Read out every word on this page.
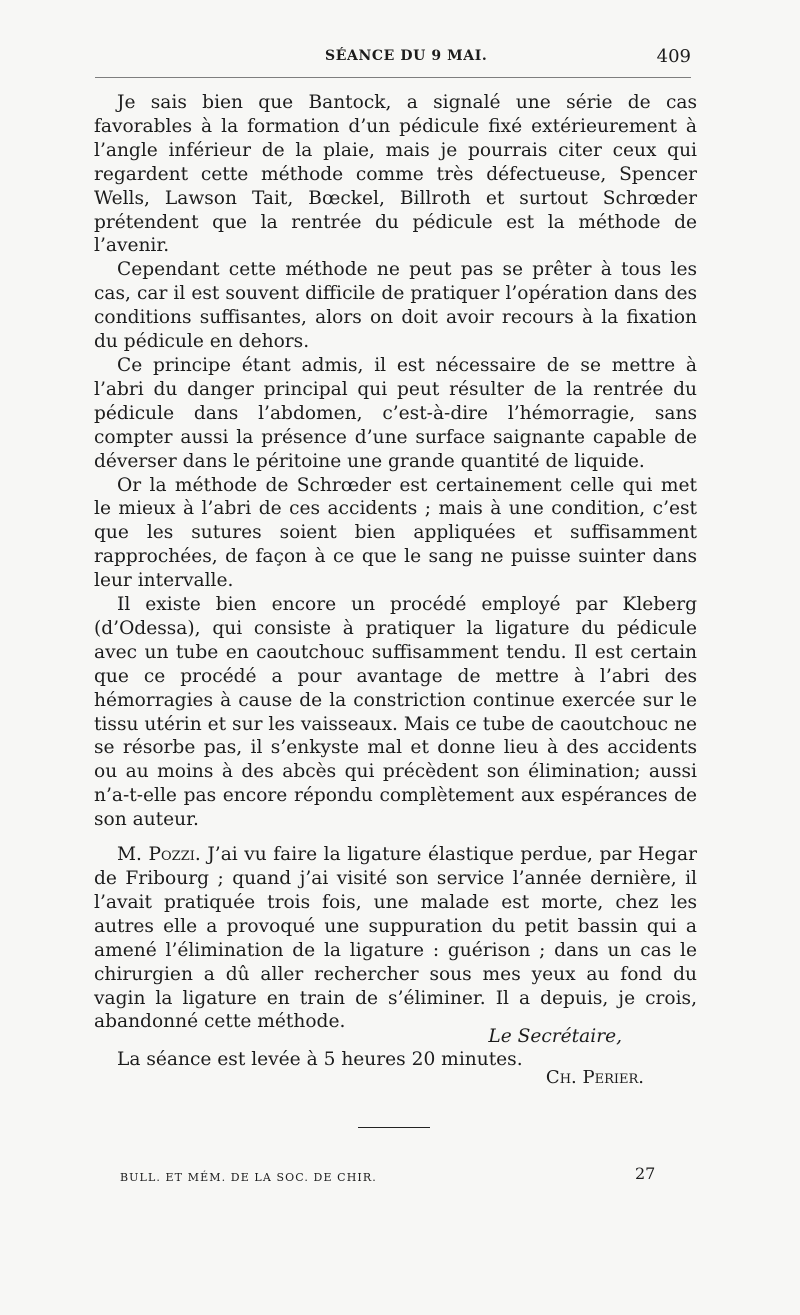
SÉANCE DU 9 MAI.	409

Je sais bien que Bantock, a signalé une série de cas favorables à la formation d’un pédicule fixé extérieurement à l’angle inférieur de la plaie, mais je pourrais citer ceux qui regardent cette méthode comme très défectueuse, Spencer Wells, Lawson Tait, Bœckel, Billroth et surtout Schrœder prétendent que la rentrée du pédicule est la méthode de l’avenir.

Cependant cette méthode ne peut pas se prêter à tous les cas, car il est souvent difficile de pratiquer l’opération dans des conditions suffisantes, alors on doit avoir recours à la fixation du pédicule en dehors.

Ce principe étant admis, il est nécessaire de se mettre à l’abri du danger principal qui peut résulter de la rentrée du pédicule dans l’abdomen, c’est-à-dire l’hémorragie, sans compter aussi la présence d’une surface saignante capable de déverser dans le péritoine une grande quantité de liquide.

Or la méthode de Schrœder est certainement celle qui met le mieux à l’abri de ces accidents ; mais à une condition, c’est que les sutures soient bien appliquées et suffisamment rapprochées, de façon à ce que le sang ne puisse suinter dans leur intervalle.

Il existe bien encore un procédé employé par Kleberg (d’Odessa), qui consiste à pratiquer la ligature du pédicule avec un tube en caoutchouc suffisamment tendu. Il est certain que ce procédé a pour avantage de mettre à l’abri des hémorragies à cause de la constriction continue exercée sur le tissu utérin et sur les vaisseaux. Mais ce tube de caoutchouc ne se résorbe pas, il s’enkyste mal et donne lieu à des accidents ou au moins à des abcès qui précèdent son élimination; aussi n’a-t-elle pas encore répondu complètement aux espérances de son auteur.

M. Pozzi. J’ai vu faire la ligature élastique perdue, par Hegar de Fribourg ; quand j’ai visité son service l’année dernière, il l’avait pratiquée trois fois, une malade est morte, chez les autres elle a provoqué une suppuration du petit bassin qui a amené l’élimination de la ligature : guérison ; dans un cas le chirurgien a dû aller rechercher sous mes yeux au fond du vagin la ligature en train de s’éliminer. Il a depuis, je crois, abandonné cette méthode.

La séance est levée à 5 heures 20 minutes.

Le Secrétaire,
Ch. Perier.
BULL. ET MÉM. DE LA SOC. DE CHIR.	27
